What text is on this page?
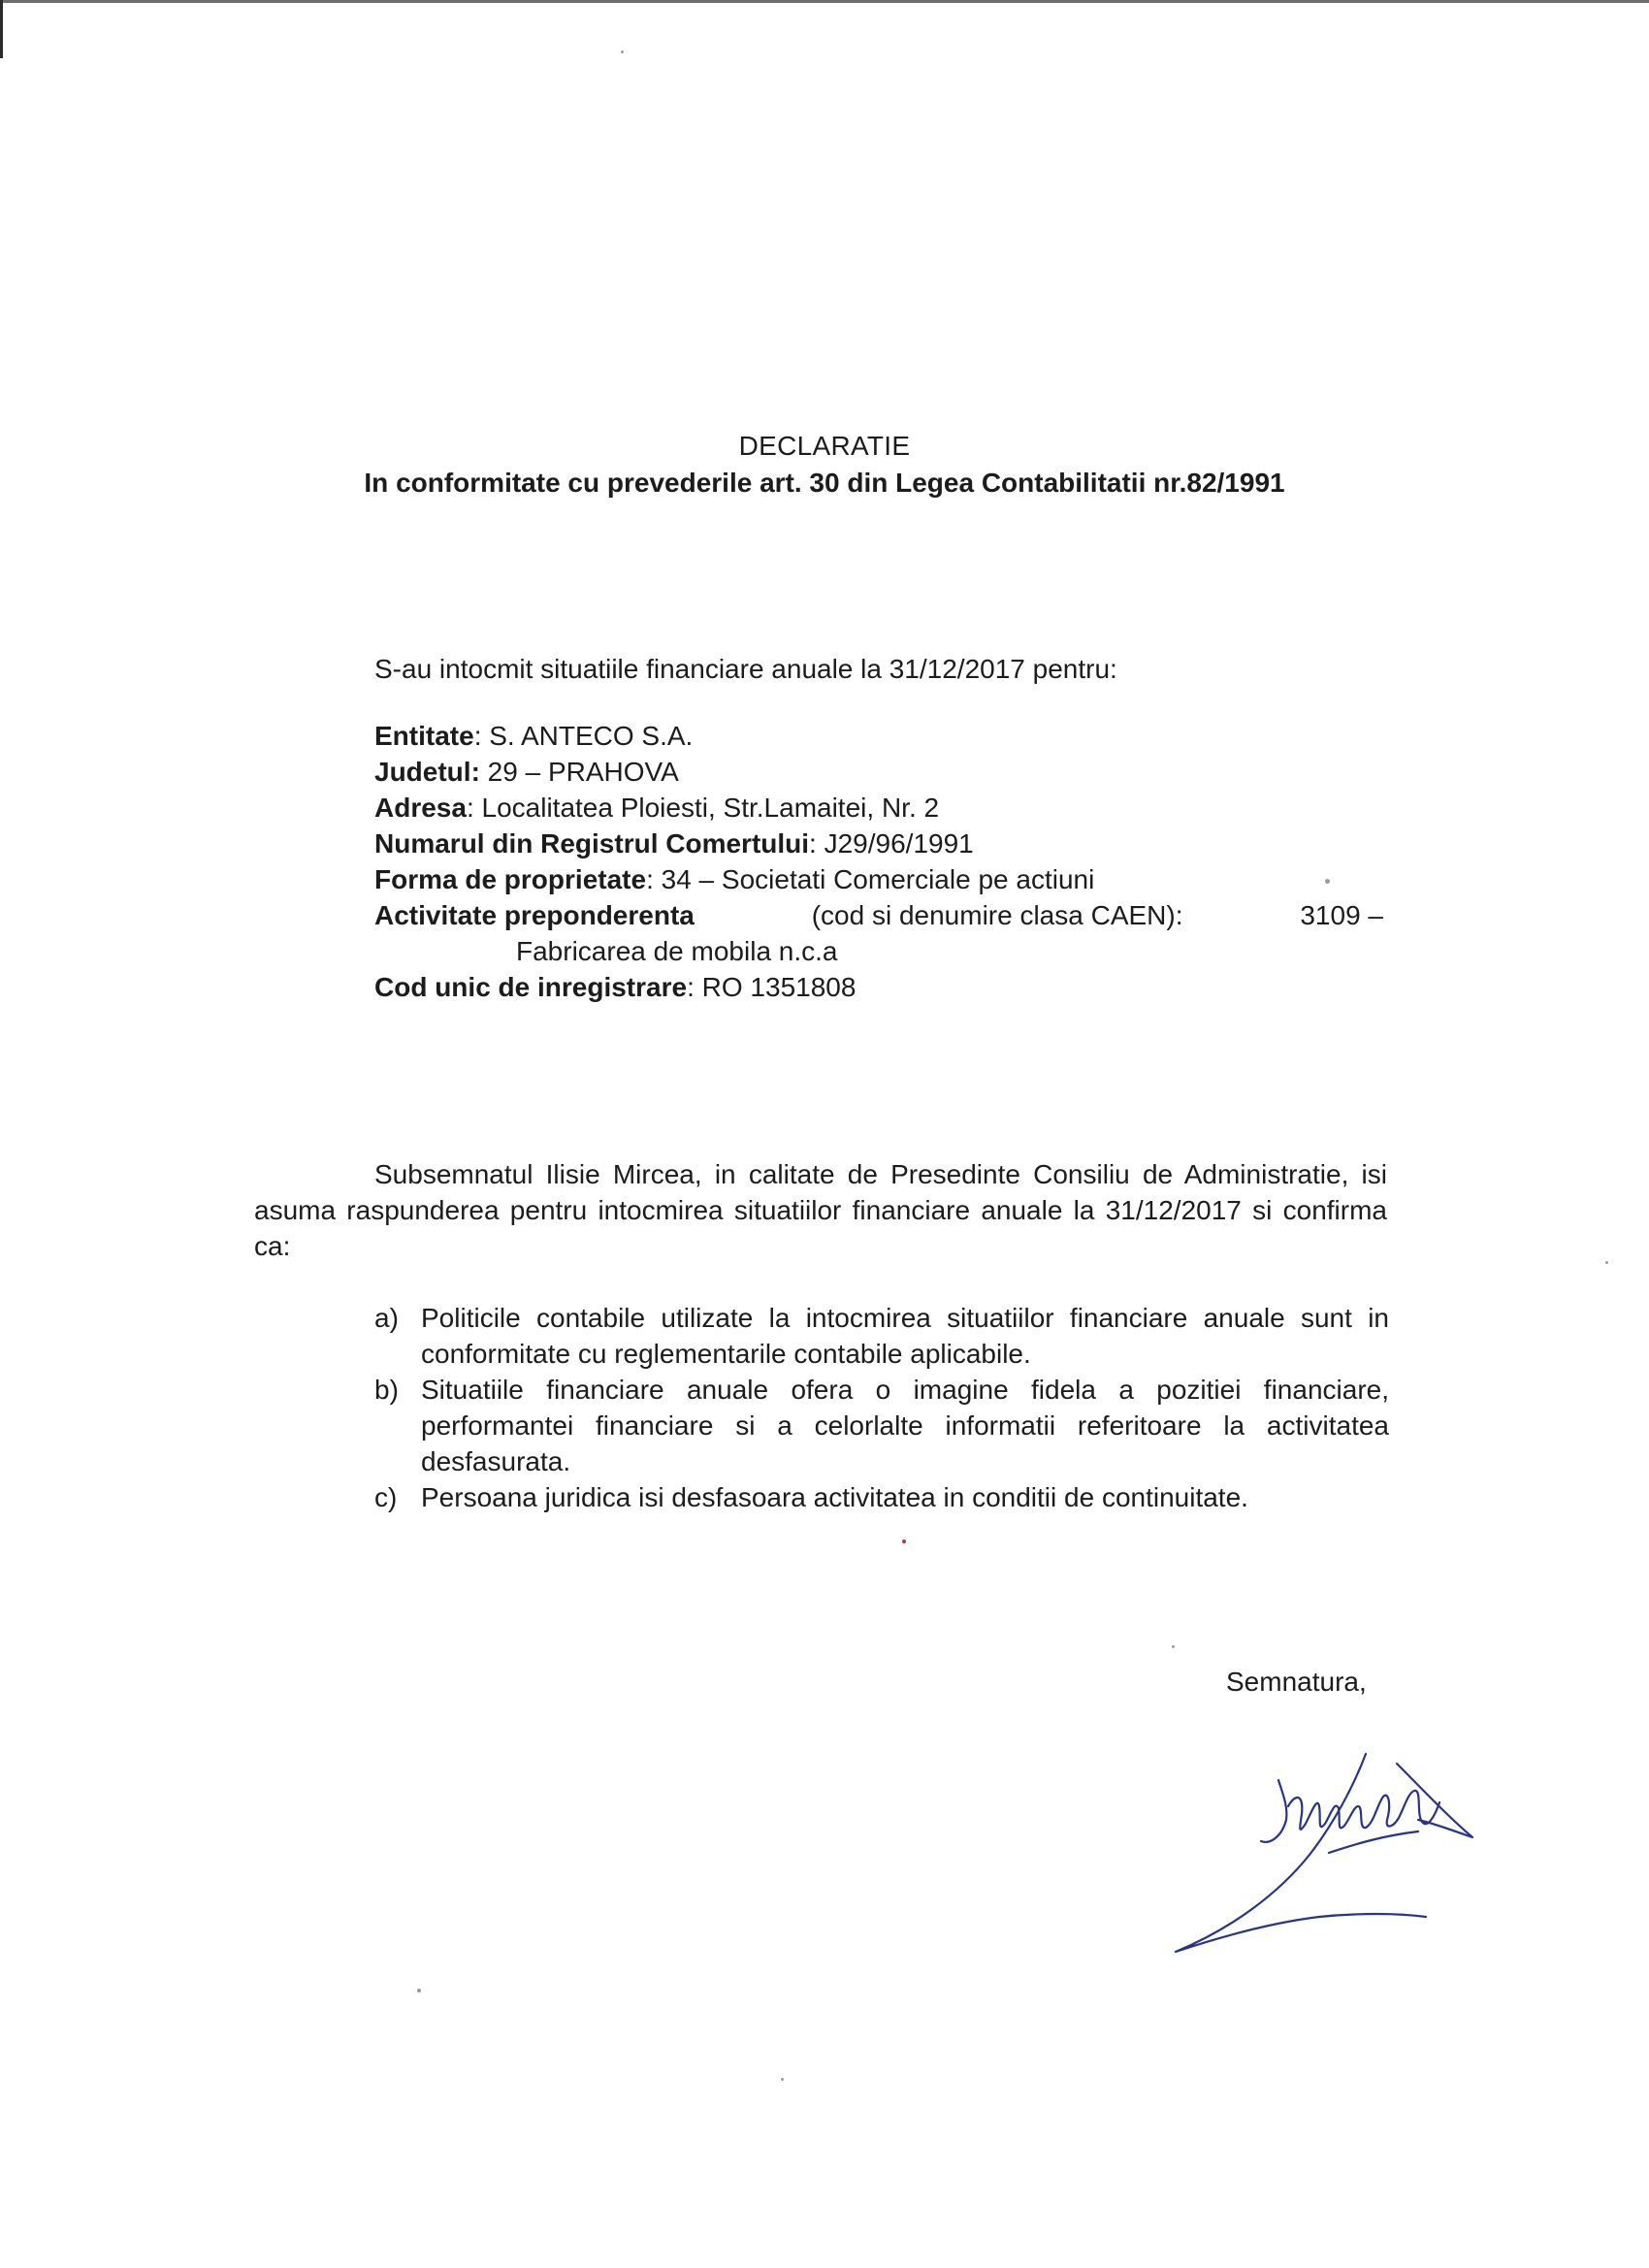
DECLARATIE
In conformitate cu prevederile art. 30 din Legea Contabilitatii nr.82/1991
S-au intocmit situatiile financiare anuale la 31/12/2017 pentru:
Entitate: S. ANTECO S.A.
Judetul: 29 – PRAHOVA
Adresa: Localitatea Ploiesti, Str.Lamaitei, Nr. 2
Numarul din Registrul Comertului: J29/96/1991
Forma de proprietate: 34 – Societati Comerciale pe actiuni
Activitate preponderenta	(cod si denumire clasa CAEN):	3109 –
Fabricarea de mobila n.c.a
Cod unic de inregistrare: RO 1351808
Subsemnatul Ilisie Mircea, in calitate de Presedinte Consiliu de Administratie, isi asuma raspunderea pentru intocmirea situatiilor financiare anuale la 31/12/2017 si confirma ca:
a) Politicile contabile utilizate la intocmirea situatiilor financiare anuale sunt in conformitate cu reglementarile contabile aplicabile.
b) Situatiile financiare anuale ofera o imagine fidela a pozitiei financiare, performantei financiare si a celorlalte informatii referitoare la activitatea desfasurata.
c) Persoana juridica isi desfasoara activitatea in conditii de continuitate.
Semnatura,
